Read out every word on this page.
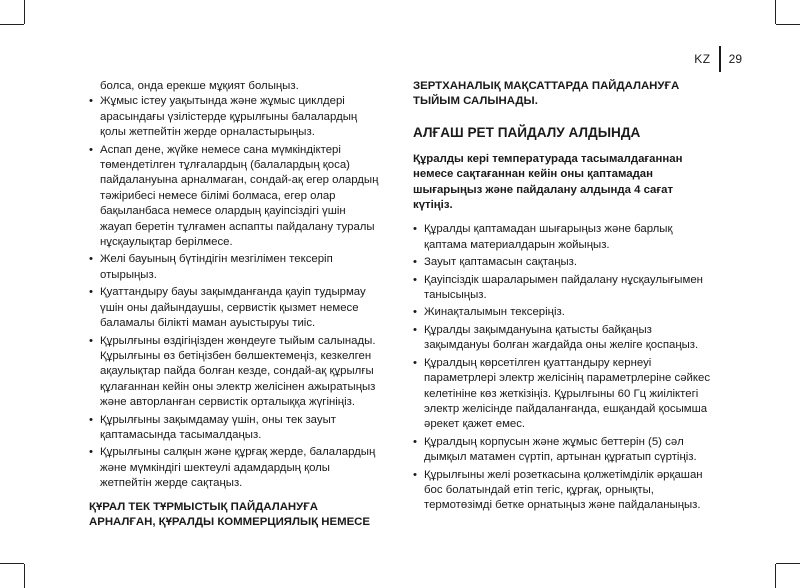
KZ 29

болса, онда ерекше мұқият болыңыз.

• Жұмыс істеу уақытында және жұмыс циклдері арасындағы үзілістерде құрылғыны балалардың қолы жетпейтін жерде орналастырыңыз.
• Аспап дене, жүйке немесе сана мүмкіндіктері төмендетілген тұлғалардың (балалардың қоса) пайдалануына арналмаған, сондай-ақ егер олардың тәжірибесі немесе білімі болмаса, егер олар бақыланбаса немесе олардың қауіпсіздігі үшін жауап беретін тұлғамен аспапты пайдалану туралы нұсқаулықтар берілмесе.
• Желі бауының бүтіндігін мезгілімен тексеріп отырыңыз.
• Қуаттандыру бауы зақымданғанда қауіп тудырмау үшін оны дайындаушы, сервистік қызмет немесе баламалы білікті маман ауыстыруы тиіс.
• Құрылғыны өздігіңізден жөндеуге тыйым салынады. Құрылғыны өз бетіңізбен бөлшектемеңіз, кезкелген ақаулықтар пайда болған кезде, сондай-ақ құрылғы құлағаннан кейін оны электр желісінен ажыратыңыз және авторланған сервистік орталыққа жүгініңіз.
• Құрылғыны зақымдамау үшін, оны тек зауыт қаптамасында тасымалдаңыз.
• Құрылғыны салқын және құрғақ жерде, балалардың және мүмкіндігі шектеулі адамдардың қолы жетпейтін жерде сақтаңыз.

ҚҰРАЛ ТЕК ТҰРМЫСТЫҚ ПАЙДАЛАНУҒА АРНАЛҒАН, ҚҰРАЛДЫ КОММЕРЦИЯЛЫҚ НЕМЕСЕ

ЗЕРТХАНАЛЫҚ МАҚСАТТАРДА ПАЙДАЛАНУҒА ТЫЙЫМ САЛЫНАДЫ.

АЛҒАШ РЕТ ПАЙДАЛУ АЛДЫНДА

Құралды кері температурада тасымалдағаннан немесе сақтағаннан кейін оны қаптамадан шығарыңыз және пайдалану алдында 4 сағат күтіңіз.

• Құралды қаптамадан шығарыңыз және барлық қаптама материалдарын жойыңыз.
• Зауыт қаптамасын сақтаңыз.
• Қауіпсіздік шараларымен пайдалану нұсқаулығымен танысыңыз.
• Жинақталымын тексеріңіз.
• Құралды зақымдануына қатысты байқаңыз зақымдануы болған жағдайда оны желіге қоспаңыз.
• Құралдың көрсетілген қуаттандыру кернеуі параметрлері электр желісінің параметрлеріне сәйкес келетініне көз жеткізіңіз. Құрылғыны 60 Гц жиіліктегі электр желісінде пайдаланғанда, ешқандай қосымша әрекет қажет емес.
• Құралдың корпусын және жұмыс беттерін (5) сәл дымқыл матамен сүртіп, артынан құрғатып сүртіңіз.
• Құрылғыны желі розеткасына қолжетімділік әрқашан бос болатындай етіп тегіс, құрғақ, орнықты, термотөзімді бетке орнатыңыз және пайдаланыңыз.
